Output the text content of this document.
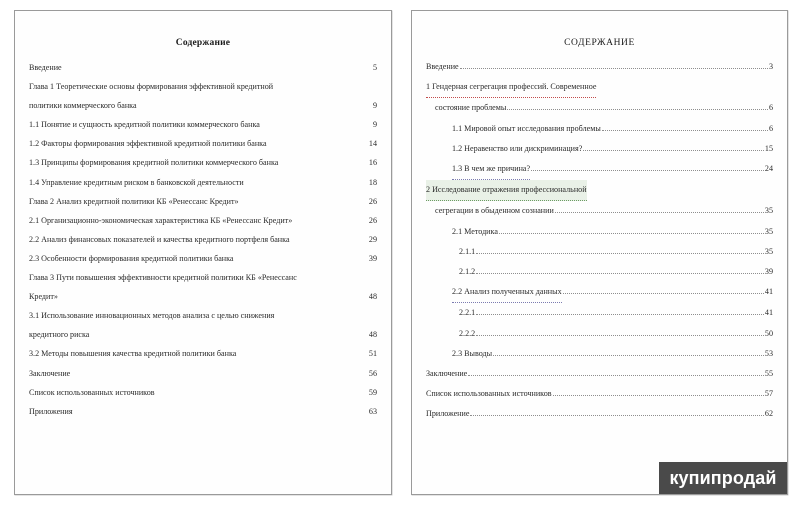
Содержание
Введение	5
Глава 1 Теоретические основы формирования эффективной кредитной
политики коммерческого банка	9
1.1 Понятие и сущность кредитной политики коммерческого банка	9
1.2 Факторы формирования эффективной кредитной политики банка	14
1.3 Принципы формирования кредитной политики коммерческого банка	16
1.4 Управление кредитным риском в банковской деятельности	18
Глава 2 Анализ кредитной политики КБ «Ренессанс Кредит»	26
2.1 Организационно-экономическая характеристика КБ «Ренессанс Кредит»	26
2.2 Анализ финансовых показателей и качества кредитного портфеля банка	29
2.3 Особенности формирования кредитной политики банка	39
Глава 3 Пути повышения эффективности кредитной политики КБ «Ренессанс
Кредит»	48
3.1 Использование инновационных методов анализа с целью снижения
кредитного риска	48
3.2 Методы повышения качества кредитной политики банка	51
Заключение	56
Список использованных источников	59
Приложения	63
СОДЕРЖАНИЕ
Введение	3
1 Гендерная сегрегация профессий. Современное
состояние проблемы	6
1.1 Мировой опыт исследования проблемы	6
1.2 Неравенство или дискриминация?	15
1.3 В чем же причина?	24
2 Исследование отражения профессиональной
сегрегации в обыденном сознании	35
2.1 Методика	35
2.1.1	35
2.1.2	39
2.2 Анализ полученных данных	41
2.2.1	41
2.2.2	50
2.3 Выводы	53
Заключение	55
Список использованных источников	57
Приложение	62
купипродай
